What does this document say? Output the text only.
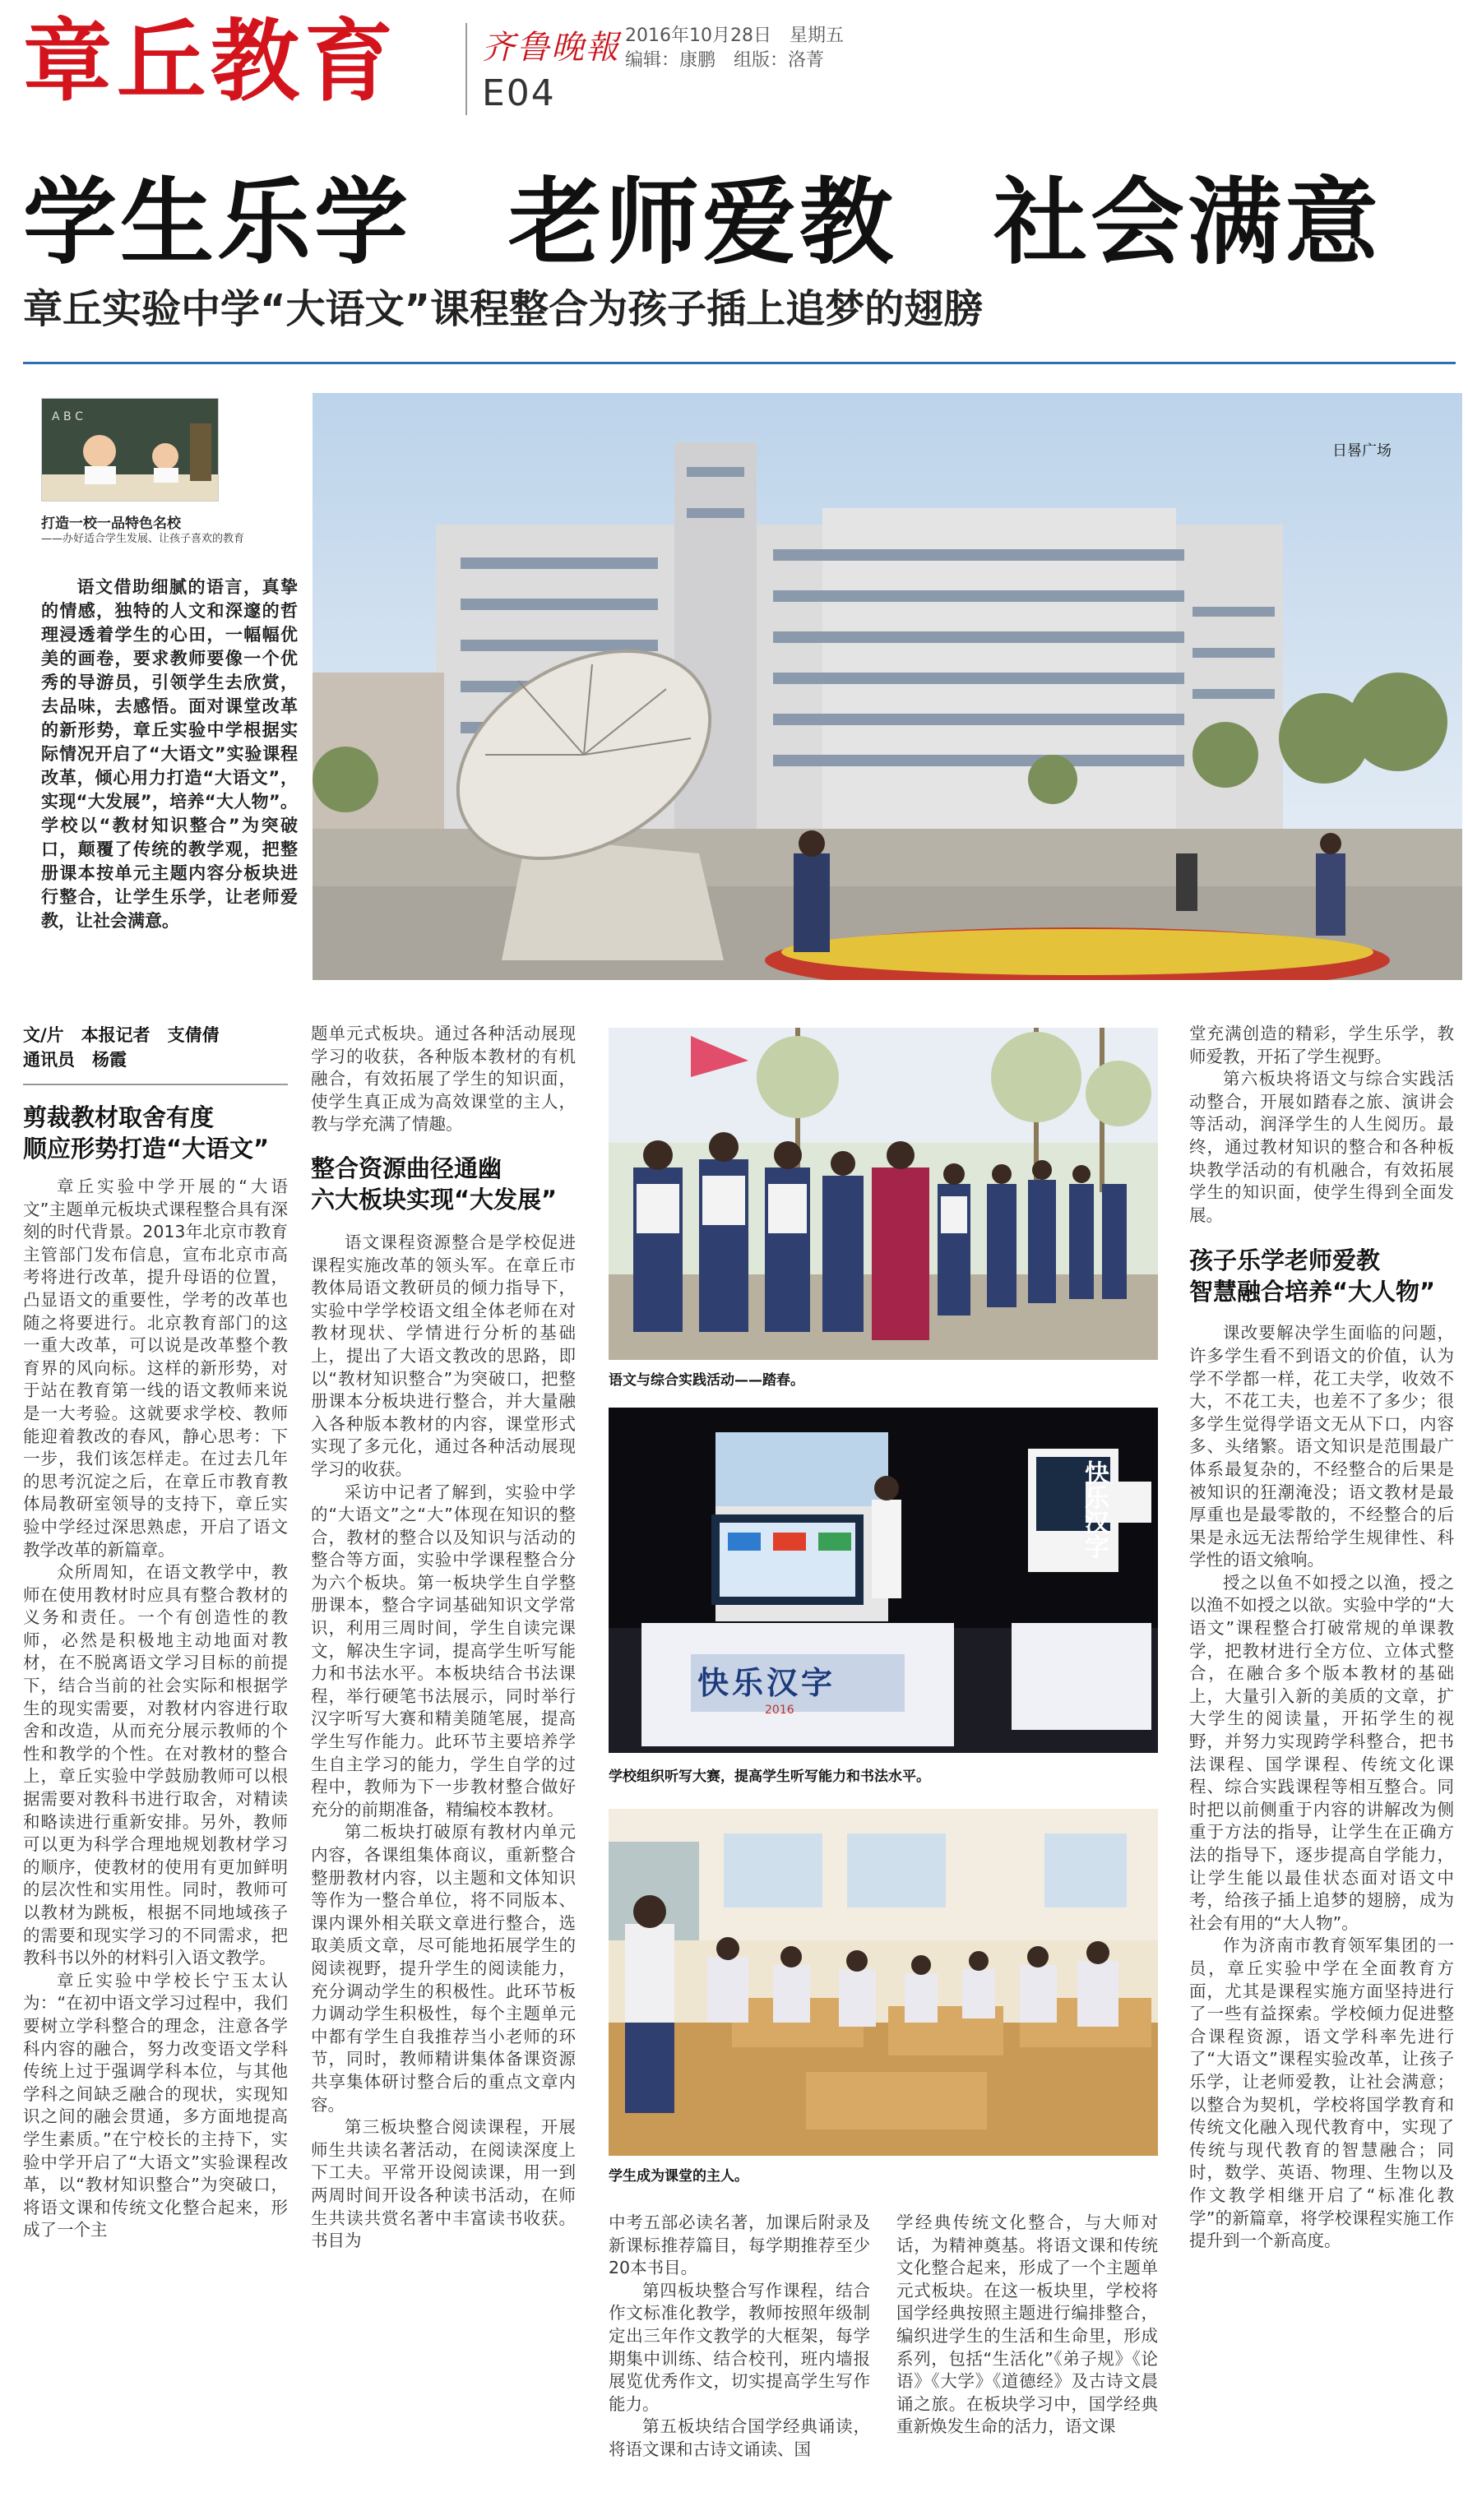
章丘教育	齐鲁晚報 2016年10月28日　星期五
编辑：康鹏　组版：洛菁
E04
学生乐学　老师爱教　社会满意
章丘实验中学“大语文”课程整合为孩子插上追梦的翅膀
A B C
打造一校一品特色名校
——办好适合学生发展、让孩子喜欢的教育
语文借助细腻的语言，真挚的情感，独特的人文和深邃的哲理浸透着学生的心田，一幅幅优美的画卷，要求教师要像一个优秀的导游员，引领学生去欣赏，去品味，去感悟。面对课堂改革的新形势，章丘实验中学根据实际情况开启了“大语文”实验课程改革，倾心用力打造“大语文”，实现“大发展”，培养“大人物”。学校以“教材知识整合”为突破口，颠覆了传统的教学观，把整册课本按单元主题内容分板块进行整合，让学生乐学，让老师爱教，让社会满意。
日晷广场
文/片　本报记者　支倩倩
通讯员　杨霞
剪裁教材取舍有度
顺应形势打造“大语文”

章丘实验中学开展的“大语文”主题单元板块式课程整合具有深刻的时代背景。2013年北京市教育主管部门发布信息，宣布北京市高考将进行改革，提升母语的位置，凸显语文的重要性，学考的改革也随之将要进行。北京教育部门的这一重大改革，可以说是改革整个教育界的风向标。这样的新形势，对于站在教育第一线的语文教师来说是一大考验。这就要求学校、教师能迎着教改的春风，静心思考：下一步，我们该怎样走。在过去几年的思考沉淀之后，在章丘市教育教体局教研室领导的支持下，章丘实验中学经过深思熟虑，开启了语文教学改革的新篇章。

众所周知，在语文教学中，教师在使用教材时应具有整合教材的义务和责任。一个有创造性的教师，必然是积极地主动地面对教材，在不脱离语文学习目标的前提下，结合当前的社会实际和根据学生的现实需要，对教材内容进行取舍和改造，从而充分展示教师的个性和教学的个性。在对教材的整合上，章丘实验中学鼓励教师可以根据需要对教科书进行取舍，对精读和略读进行重新安排。另外，教师可以更为科学合理地规划教材学习的顺序，使教材的使用有更加鲜明的层次性和实用性。同时，教师可以教材为跳板，根据不同地域孩子的需要和现实学习的不同需求，把教科书以外的材料引入语文教学。

章丘实验中学校长宁玉太认为：“在初中语文学习过程中，我们要树立学科整合的理念，注意各学科内容的融合，努力改变语文学科传统上过于强调学科本位，与其他学科之间缺乏融合的现状，实现知识之间的融会贯通，多方面地提高学生素质。”在宁校长的主持下，实验中学开启了“大语文”实验课程改革，以“教材知识整合”为突破口，将语文课和传统文化整合起来，形成了一个主

题单元式板块。通过各种活动展现学习的收获，各种版本教材的有机融合，有效拓展了学生的知识面，使学生真正成为高效课堂的主人，教与学充满了情趣。
整合资源曲径通幽
六大板块实现“大发展”

语文课程资源整合是学校促进课程实施改革的领头军。在章丘市教体局语文教研员的倾力指导下，实验中学学校语文组全体老师在对教材现状、学情进行分析的基础上，提出了大语文教改的思路，即以“教材知识整合”为突破口，把整册课本分板块进行整合，并大量融入各种版本教材的内容，课堂形式实现了多元化，通过各种活动展现学习的收获。

采访中记者了解到，实验中学的“大语文”之“大”体现在知识的整合，教材的整合以及知识与活动的整合等方面，实验中学课程整合分为六个板块。第一板块学生自学整册课本，整合字词基础知识文学常识，利用三周时间，学生自读完课文，解决生字词，提高学生听写能力和书法水平。本板块结合书法课程，举行硬笔书法展示，同时举行汉字听写大赛和精美随笔展，提高学生写作能力。此环节主要培养学生自主学习的能力，学生自学的过程中，教师为下一步教材整合做好充分的前期准备，精编校本教材。

第二板块打破原有教材内单元内容，各课组集体商议，重新整合整册教材内容，以主题和文体知识等作为一整合单位，将不同版本、课内课外相关联文章进行整合，选取美质文章，尽可能地拓展学生的阅读视野，提升学生的阅读能力，充分调动学生的积极性。此环节板力调动学生积极性，每个主题单元中都有学生自我推荐当小老师的环节，同时，教师精讲集体备课资源共享集体研讨整合后的重点文章内容。

第三板块整合阅读课程，开展师生共读名著活动，在阅读深度上下工夫。平常开设阅读课，用一到两周时间开设各种读书活动，在师生共读共赏名著中丰富读书收获。书目为

语文与综合实践活动——踏春。
快乐汉字
2016
快乐汉字
学校组织听写大赛，提高学生听写能力和书法水平。
学生成为课堂的主人。
中考五部必读名著，加课后附录及新课标推荐篇目，每学期推荐至少20本书目。

第四板块整合写作课程，结合作文标准化教学，教师按照年级制定出三年作文教学的大框架，每学期集中训练、结合校刊，班内墙报展览优秀作文，切实提高学生写作能力。

第五板块结合国学经典诵读，将语文课和古诗文诵读、国

学经典传统文化整合，与大师对话，为精神奠基。将语文课和传统文化整合起来，形成了一个主题单元式板块。在这一板块里，学校将国学经典按照主题进行编排整合，编织进学生的生活和生命里，形成系列，包括“生活化”《弟子规》《论语》《大学》《道德经》及古诗文晨诵之旅。在板块学习中，国学经典重新焕发生命的活力，语文课
堂充满创造的精彩，学生乐学，教师爱教，开拓了学生视野。

第六板块将语文与综合实践活动整合，开展如踏春之旅、演讲会等活动，润泽学生的人生阅历。最终，通过教材知识的整合和各种板块教学活动的有机融合，有效拓展学生的知识面，使学生得到全面发展。

孩子乐学老师爱教
智慧融合培养“大人物”

课改要解决学生面临的问题，许多学生看不到语文的价值，认为学不学都一样，花工夫学，收效不大，不花工夫，也差不了多少；很多学生觉得学语文无从下口，内容多、头绪繁。语文知识是范围最广体系最复杂的，不经整合的后果是被知识的狂潮淹没；语文教材是最厚重也是最零散的，不经整合的后果是永远无法帮给学生规律性、科学性的语文飨响。

授之以鱼不如授之以渔，授之以渔不如授之以欲。实验中学的“大语文”课程整合打破常规的单课教学，把教材进行全方位、立体式整合，在融合多个版本教材的基础上，大量引入新的美质的文章，扩大学生的阅读量，开拓学生的视野，并努力实现跨学科整合，把书法课程、国学课程、传统文化课程、综合实践课程等相互整合。同时把以前侧重于内容的讲解改为侧重于方法的指导，让学生在正确方法的指导下，逐步提高自学能力，让学生能以最佳状态面对语文中考，给孩子插上追梦的翅膀，成为社会有用的“大人物”。

作为济南市教育领军集团的一员，章丘实验中学在全面教育方面，尤其是课程实施方面坚持进行了一些有益探索。学校倾力促进整合课程资源，语文学科率先进行了“大语文”课程实验改革，让孩子乐学，让老师爱教，让社会满意；以整合为契机，学校将国学教育和传统文化融入现代教育中，实现了传统与现代教育的智慧融合；同时，数学、英语、物理、生物以及作文教学相继开启了“标准化教学”的新篇章，将学校课程实施工作提升到一个新高度。
